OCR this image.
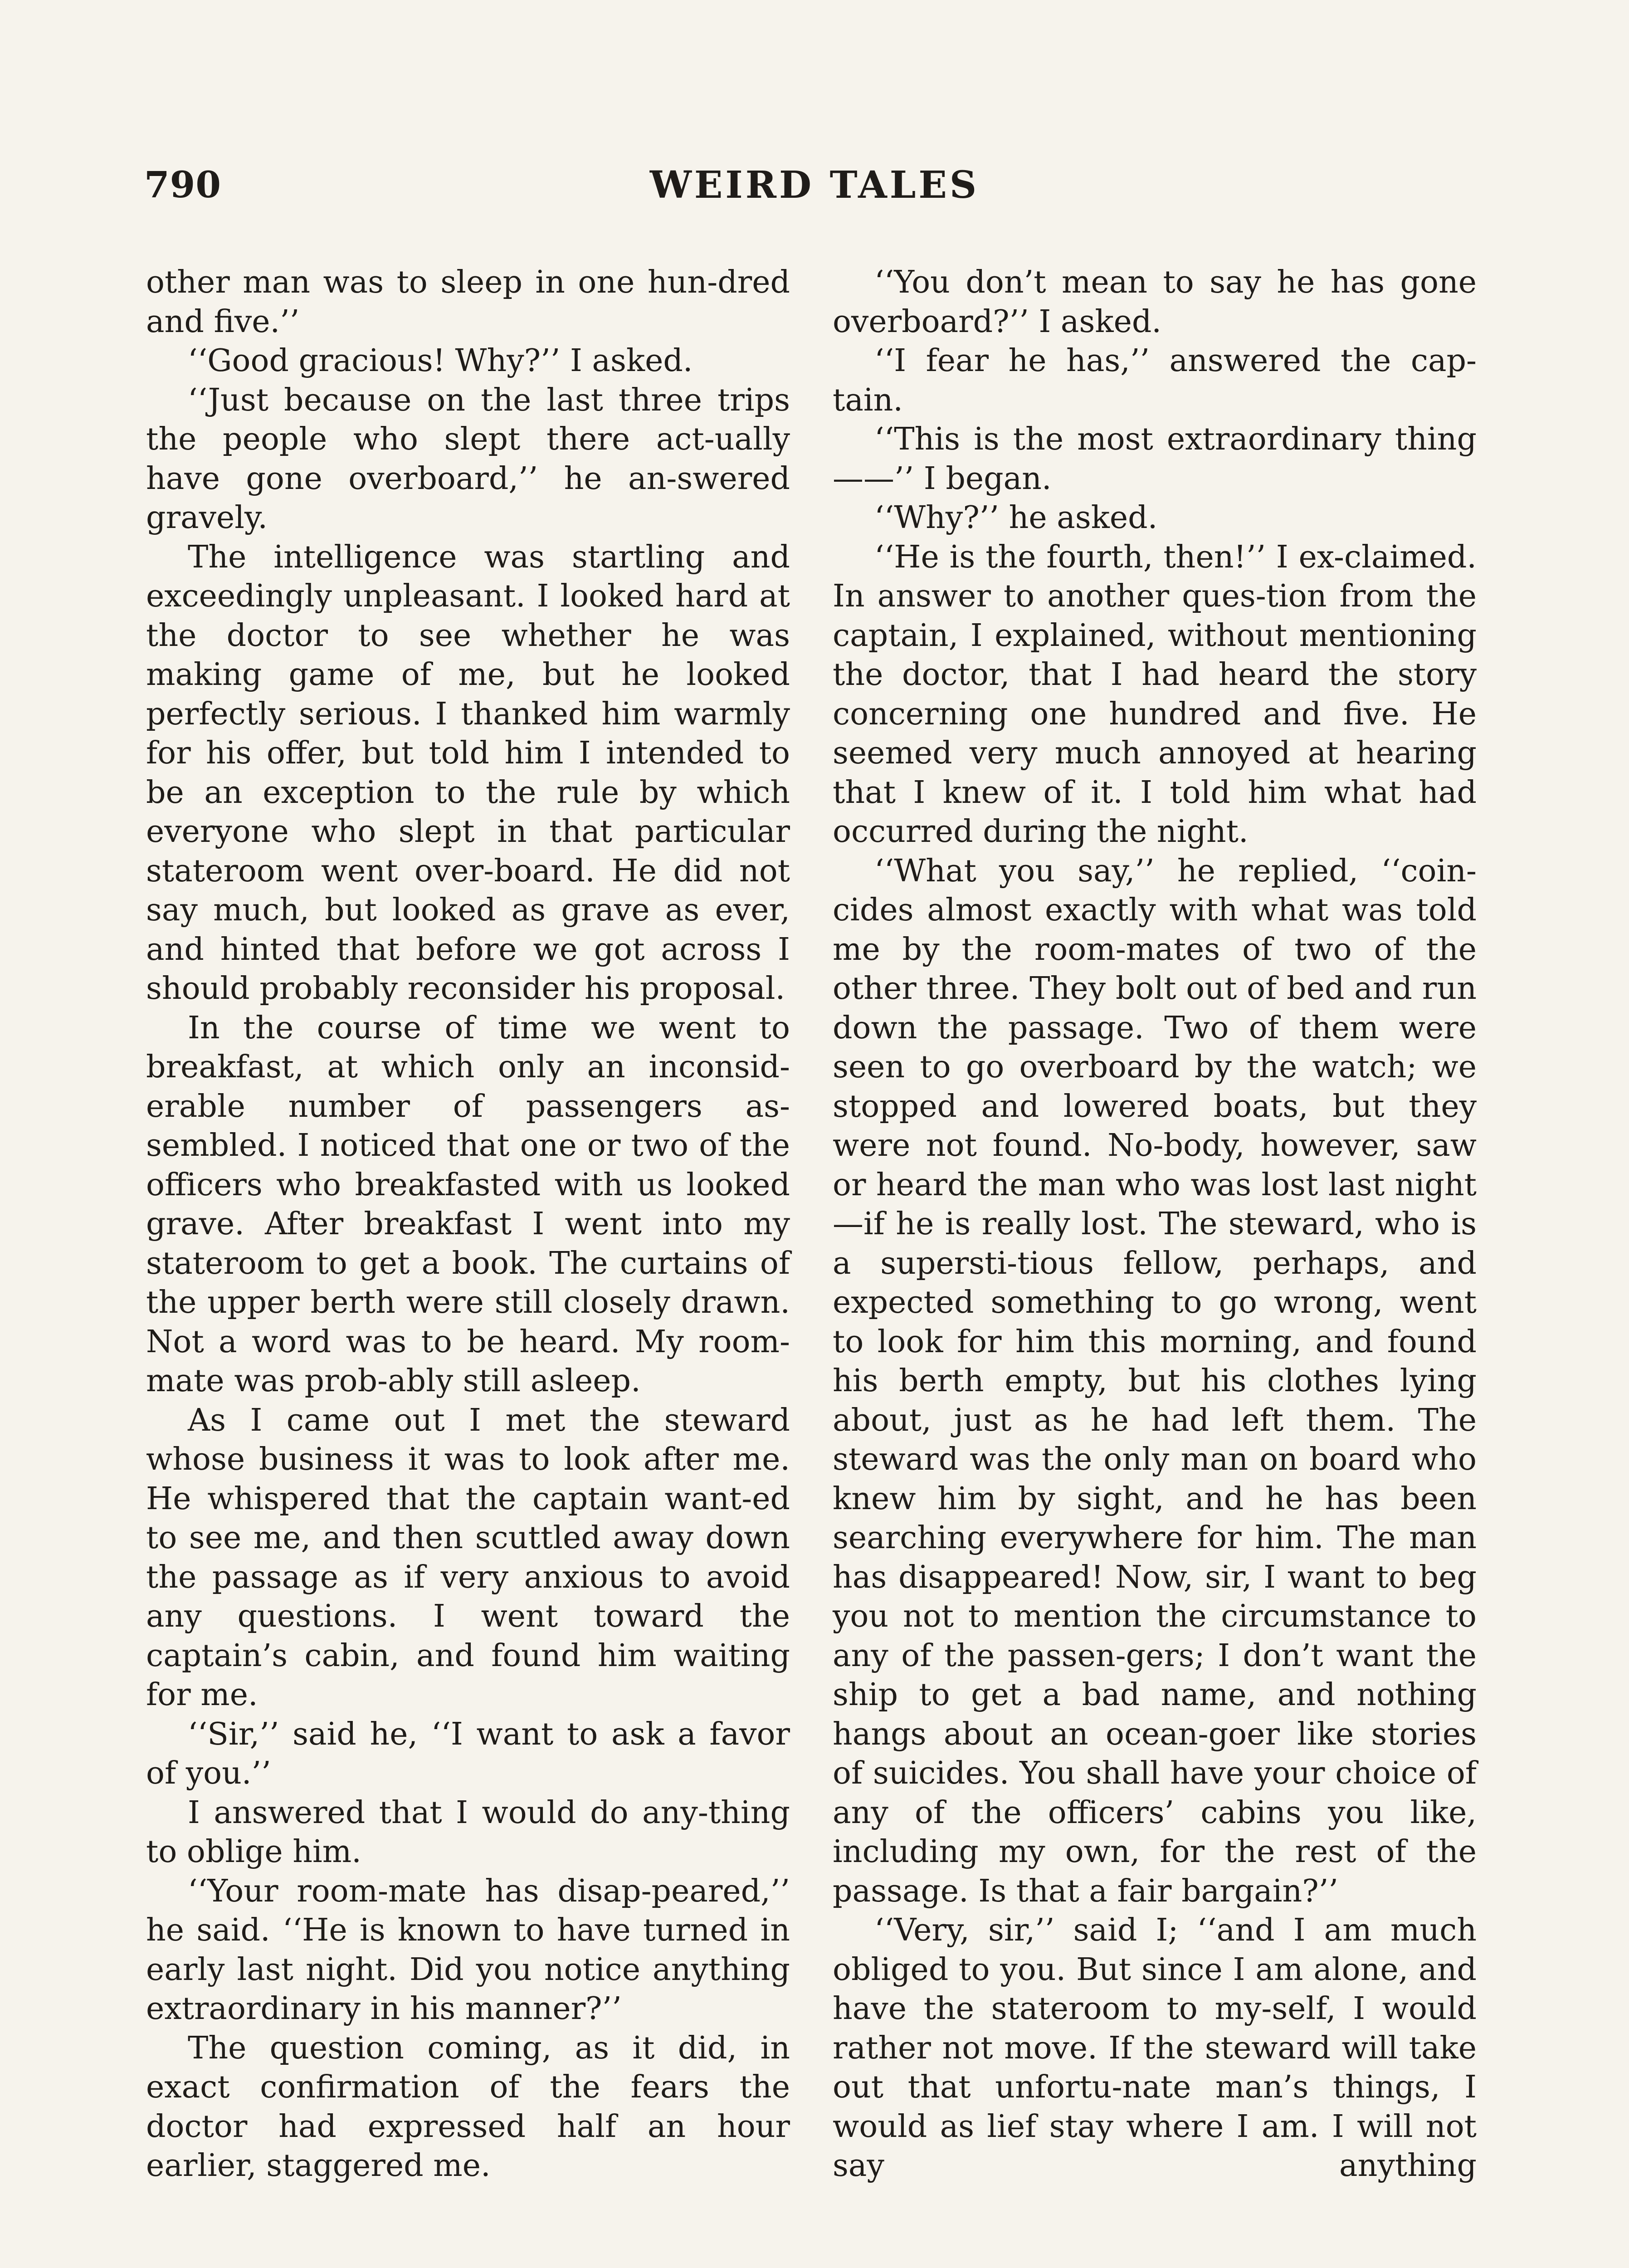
790	WEIRD TALES

other man was to sleep in one hun-dred and five.’’

‘‘Good gracious! Why?’’ I asked.

‘‘Just because on the last three trips the people who slept there act-ually have gone overboard,’’ he an-swered gravely.

The intelligence was startling and exceedingly unpleasant. I looked hard at the doctor to see whether he was making game of me, but he looked perfectly serious. I thanked him warmly for his offer, but told him I intended to be an exception to the rule by which everyone who slept in that particular stateroom went over-board. He did not say much, but looked as grave as ever, and hinted that before we got across I should probably reconsider his proposal.

In the course of time we went to breakfast, at which only an inconsid-erable number of passengers as-sembled. I noticed that one or two of the officers who breakfasted with us looked grave. After breakfast I went into my stateroom to get a book. The curtains of the upper berth were still closely drawn. Not a word was to be heard. My room-mate was prob-ably still asleep.

As I came out I met the steward whose business it was to look after me. He whispered that the captain want-ed to see me, and then scuttled away down the passage as if very anxious to avoid any questions. I went toward the captain’s cabin, and found him waiting for me.

‘‘Sir,’’ said he, ‘‘I want to ask a favor of you.’’

I answered that I would do any-thing to oblige him.

‘‘Your room-mate has disap-peared,’’ he said. ‘‘He is known to have turned in early last night. Did you notice anything extraordinary in his manner?’’

The question coming, as it did, in exact confirmation of the fears the doctor had expressed half an hour earlier, staggered me.

‘‘You don’t mean to say he has gone overboard?’’ I asked.

‘‘I fear he has,’’ answered the cap-tain.

‘‘This is the most extraordinary thing——’’ I began.

‘‘Why?’’ he asked.

‘‘He is the fourth, then!’’ I ex-claimed. In answer to another ques-tion from the captain, I explained, without mentioning the doctor, that I had heard the story concerning one hundred and five. He seemed very much annoyed at hearing that I knew of it. I told him what had occurred during the night.

‘‘What you say,’’ he replied, ‘‘coin-cides almost exactly with what was told me by the room-mates of two of the other three. They bolt out of bed and run down the passage. Two of them were seen to go overboard by the watch; we stopped and lowered boats, but they were not found. No-body, however, saw or heard the man who was lost last night—if he is really lost. The steward, who is a supersti-tious fellow, perhaps, and expected something to go wrong, went to look for him this morning, and found his berth empty, but his clothes lying about, just as he had left them. The steward was the only man on board who knew him by sight, and he has been searching everywhere for him. The man has disappeared! Now, sir, I want to beg you not to mention the circumstance to any of the passen-gers; I don’t want the ship to get a bad name, and nothing hangs about an ocean-goer like stories of suicides. You shall have your choice of any of the officers’ cabins you like, including my own, for the rest of the passage. Is that a fair bargain?’’

‘‘Very, sir,’’ said I; ‘‘and I am much obliged to you. But since I am alone, and have the stateroom to my-self, I would rather not move. If the steward will take out that unfortu-nate man’s things, I would as lief stay where I am. I will not say anything
